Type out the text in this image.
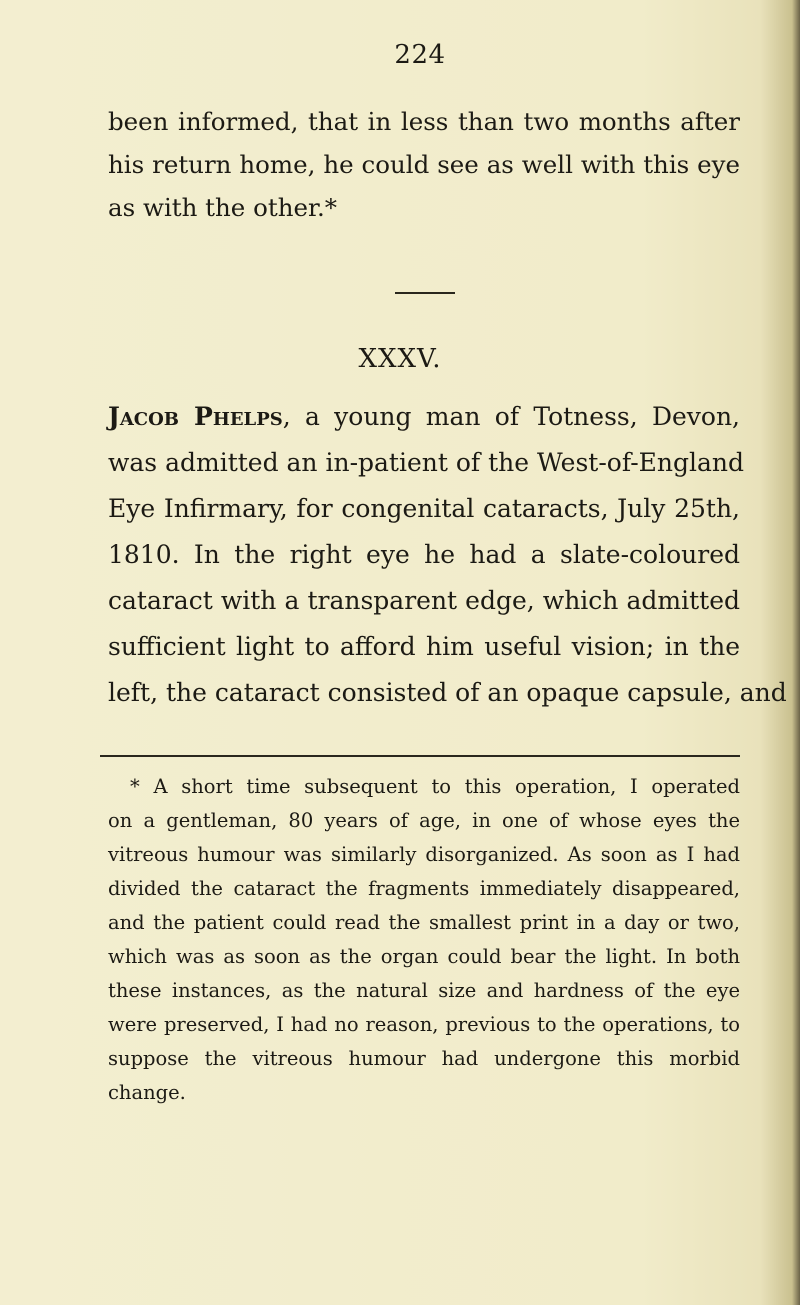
224
been informed, that in less than two months after
his return home, he could see as well with this eye
as with the other.*
XXXV.
Jacob Phelps, a young man of Totness, Devon,
was admitted an in-patient of the West-of-England
Eye Infirmary, for congenital cataracts, July 25th,
1810. In the right eye he had a slate-coloured
cataract with a transparent edge, which admitted
sufficient light to afford him useful vision; in the
left, the cataract consisted of an opaque capsule, and
* A short time subsequent to this operation, I operated
on a gentleman, 80 years of age, in one of whose eyes the
vitreous humour was similarly disorganized. As soon as I had
divided the cataract the fragments immediately disappeared,
and the patient could read the smallest print in a day or two,
which was as soon as the organ could bear the light. In both
these instances, as the natural size and hardness of the eye
were preserved, I had no reason, previous to the operations, to
suppose the vitreous humour had undergone this morbid
change.
